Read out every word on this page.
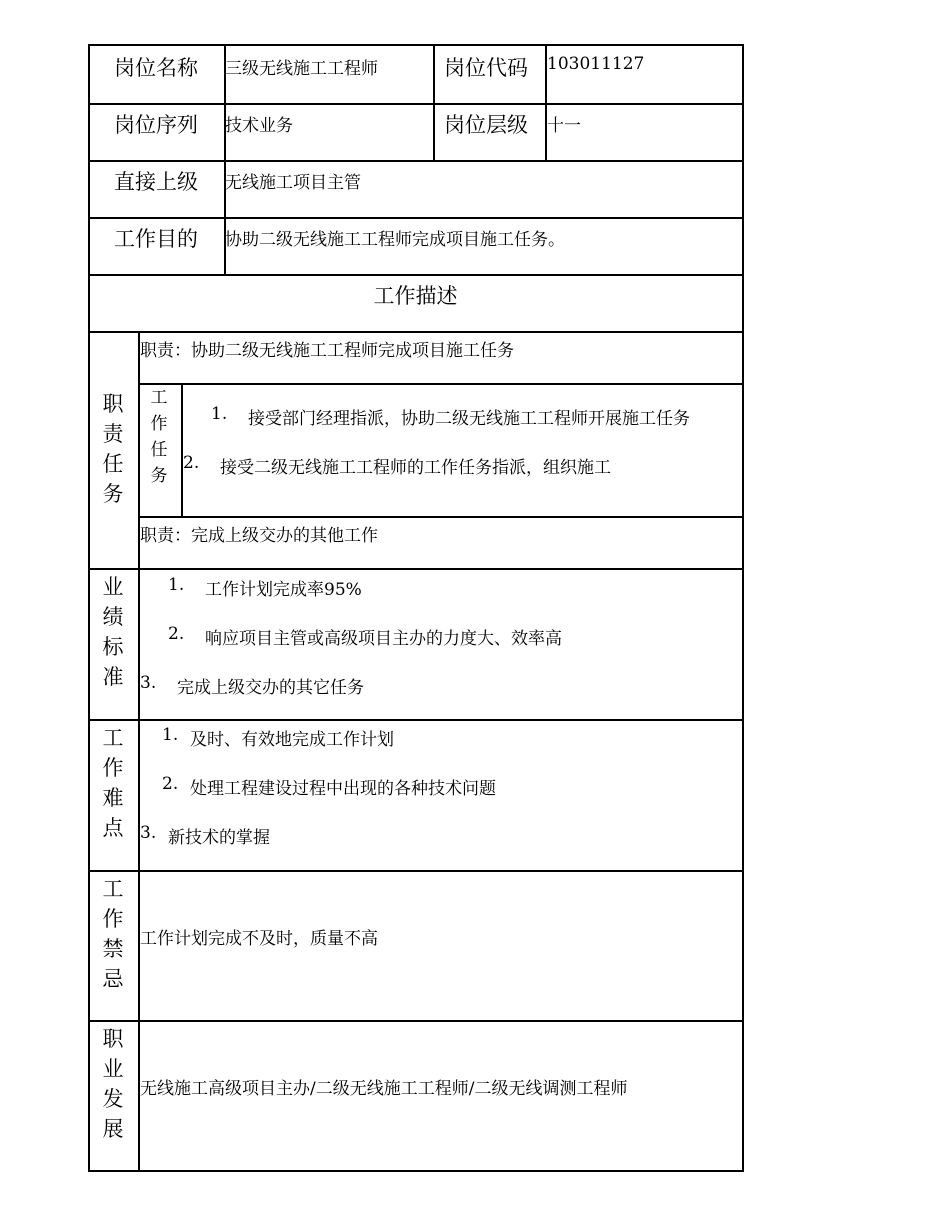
岗位名称 三级无线施工工程师	岗位代码 103011127
岗位序列 技术业务	岗位层级 十一
直接上级 无线施工项目主管
工作目的 协助二级无线施工工程师完成项目施工任务。
工作描述
职
责
任
务
职责：协助二级无线施工工程师完成项目施工任务
工
作
任
务
1. 接受部门经理指派，协助二级无线施工工程师开展施工任务
2. 接受二级无线施工工程师的工作任务指派，组织施工
职责：完成上级交办的其他工作
业
绩
标
准
1. 工作计划完成率95%
2. 响应项目主管或高级项目主办的力度大、效率高
3. 完成上级交办的其它任务
工
作
难
点
1. 及时、有效地完成工作计划
2. 处理工程建设过程中出现的各种技术问题
3. 新技术的掌握
工
作
禁
忌
工作计划完成不及时，质量不高
职
业
发
展
无线施工高级项目主办/二级无线施工工程师/二级无线调测工程师
